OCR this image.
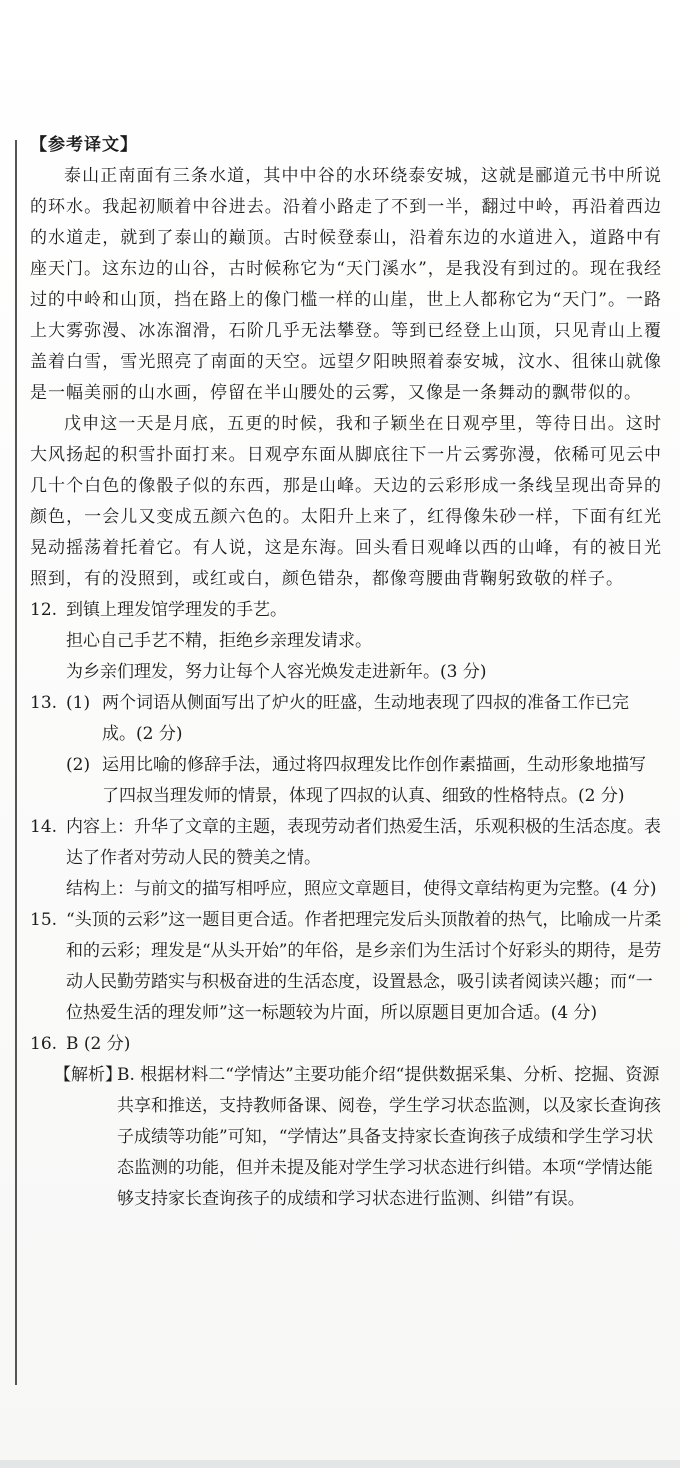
【参考译文】

泰山正南面有三条水道，其中中谷的水环绕泰安城，这就是郦道元书中所说的环水。我起初顺着中谷进去。沿着小路走了不到一半，翻过中岭，再沿着西边的水道走，就到了泰山的巅顶。古时候登泰山，沿着东边的水道进入，道路中有座天门。这东边的山谷，古时候称它为“天门溪水”，是我没有到过的。现在我经过的中岭和山顶，挡在路上的像门槛一样的山崖，世上人都称它为“天门”。一路上大雾弥漫、冰冻溜滑，石阶几乎无法攀登。等到已经登上山顶，只见青山上覆盖着白雪，雪光照亮了南面的天空。远望夕阳映照着泰安城，汶水、徂徕山就像是一幅美丽的山水画，停留在半山腰处的云雾，又像是一条舞动的飘带似的。

戊申这一天是月底，五更的时候，我和子颖坐在日观亭里，等待日出。这时大风扬起的积雪扑面打来。日观亭东面从脚底往下一片云雾弥漫，依稀可见云中几十个白色的像骰子似的东西，那是山峰。天边的云彩形成一条线呈现出奇异的颜色，一会儿又变成五颜六色的。太阳升上来了，红得像朱砂一样，下面有红光晃动摇荡着托着它。有人说，这是东海。回头看日观峰以西的山峰，有的被日光照到，有的没照到，或红或白，颜色错杂，都像弯腰曲背鞠躬致敬的样子。

12. 到镇上理发馆学理发的手艺。

担心自己手艺不精，拒绝乡亲理发请求。

为乡亲们理发，努力让每个人容光焕发走进新年。(3 分)

13. (1) 两个词语从侧面写出了炉火的旺盛，生动地表现了四叔的准备工作已完成。(2 分)
(2) 运用比喻的修辞手法，通过将四叔理发比作创作素描画，生动形象地描写了四叔当理发师的情景，体现了四叔的认真、细致的性格特点。(2 分)
14. 内容上：升华了文章的主题，表现劳动者们热爱生活，乐观积极的生活态度。表达了作者对劳动人民的赞美之情。

结构上：与前文的描写相呼应，照应文章题目，使得文章结构更为完整。(4 分)

15. “头顶的云彩”这一题目更合适。作者把理完发后头顶散着的热气，比喻成一片柔和的云彩；理发是“从头开始”的年俗，是乡亲们为生活讨个好彩头的期待，是劳动人民勤劳踏实与积极奋进的生活态度，设置悬念，吸引读者阅读兴趣；而“一位热爱生活的理发师”这一标题较为片面，所以原题目更加合适。(4 分)

16. B (2 分)

【解析】
B. 根据材料二“学情达”主要功能介绍“提供数据采集、分析、挖掘、资源共享和推送，支持教师备课、阅卷，学生学习状态监测，以及家长查询孩子成绩等功能”可知，“学情达”具备支持家长查询孩子成绩和学生学习状态监测的功能，但并未提及能对学生学习状态进行纠错。本项“学情达能够支持家长查询孩子的成绩和学习状态进行监测、纠错”有误。
